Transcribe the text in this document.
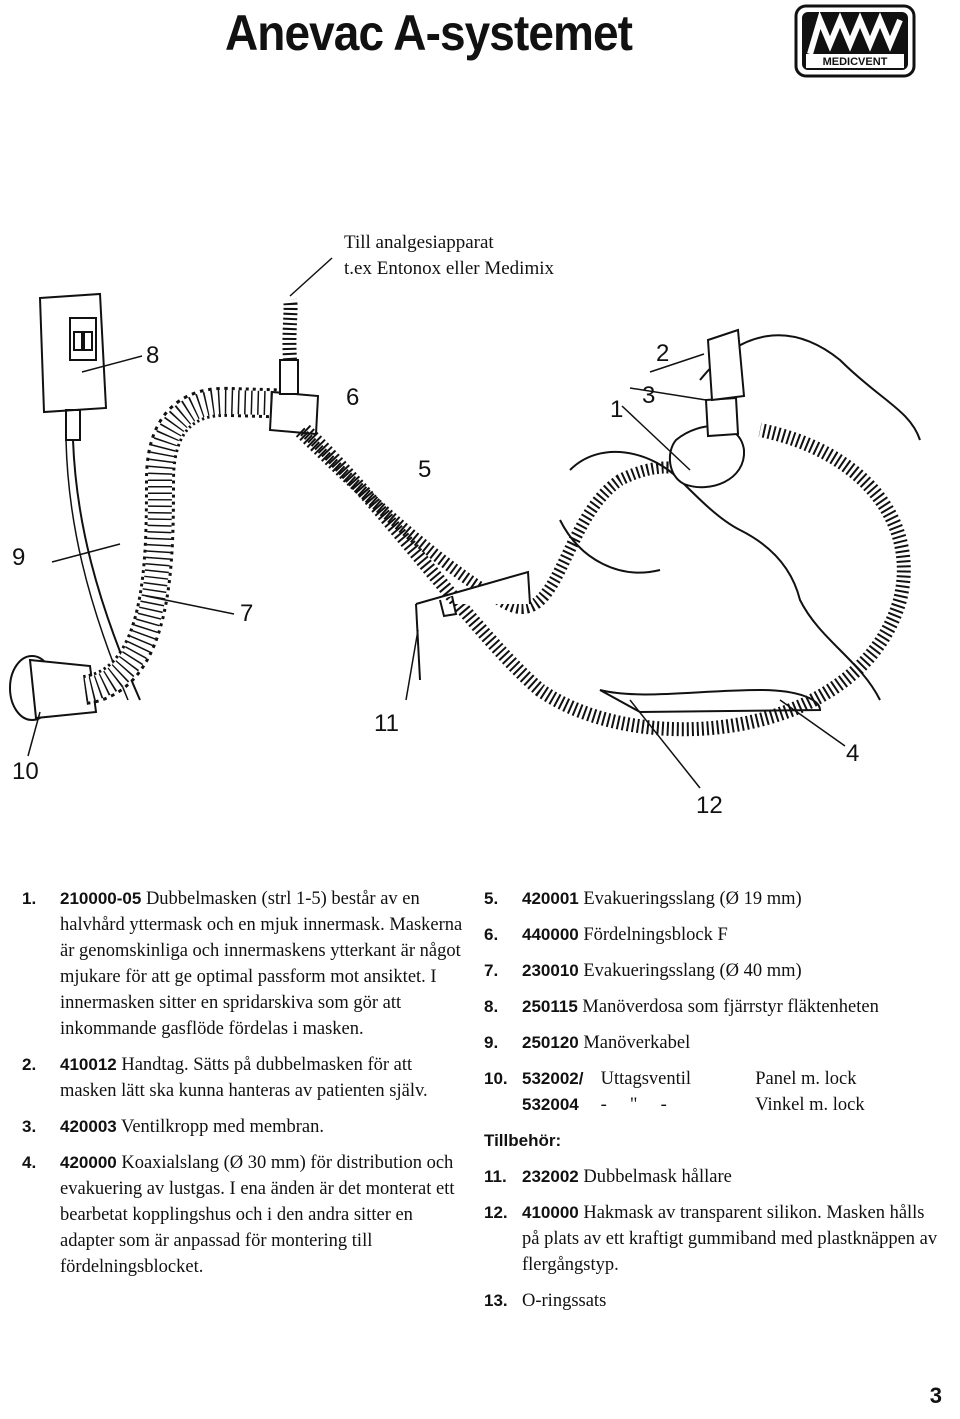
Anevac A-systemet
MEDICVENT
Till analgesiapparat
t.ex Entonox eller Medimix
8	2
6	1
3
5
9
7
11
4
10
12
1. 210000-05 Dubbelmasken (strl 1-5) består av en halvhård yttermask och en mjuk innermask. Maskerna är genomskinliga och innermaskens ytterkant är något mjukare för att ge optimal passform mot ansiktet. I innermasken sitter en spridarskiva som gör att inkommande gasflöde fördelas i masken.
2. 410012 Handtag. Sätts på dubbelmasken för att masken lätt ska kunna hanteras av patienten själv.
3. 420003 Ventilkropp med membran.
4. 420000 Koaxialslang (Ø 30 mm) för distribution och evakuering av lustgas. I ena änden är det monterat ett bearbetat kopplingshus och i den andra sitter en adapter som är anpassad för montering till fördelningsblocket.
5. 420001 Evakueringsslang (Ø 19 mm)
6. 440000 Fördelningsblock F
7. 230010 Evakueringsslang (Ø 40 mm)
8. 250115 Manöverdosa som fjärrstyr fläktenheten
9. 250120 Manöverkabel
10. 532002/ Uttagsventil	Panel m. lock
532004 -     "     -	Vinkel m. lock
Tillbehör:
11. 232002 Dubbelmask hållare
12. 410000 Hakmask av transparent silikon. Masken hålls på plats av ett kraftigt gummiband med plastknäppen av flergångstyp.
13. O-ringssats
3
